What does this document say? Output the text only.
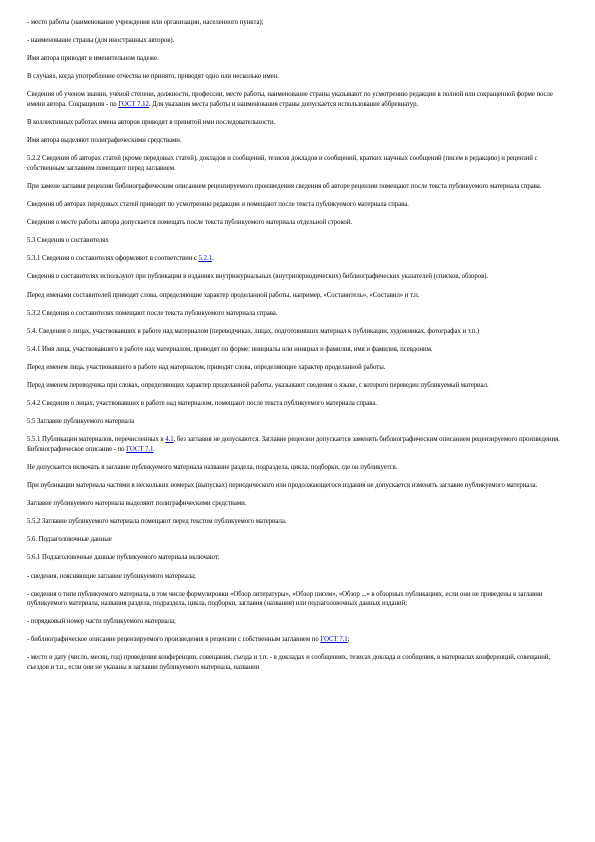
- место работы (наименование учреждения или организации, населенного пункта);

- наименование страны (для иностранных авторов).

Имя автора приводят в именительном падеже.

В случаях, когда употребление отчества не принято, приводят одно или несколько имен.

Сведения об ученом звании, ученой степени, должности, профессии, месте работы, наименование страны указывают по усмотрению редакции в полной или сокращенной форме после имени автора. Сокращения - по ГОСТ 7.12. Для указания места работы и наименования страны допускается использование аббревиатур.

В коллективных работах имена авторов приводят в принятой ими последовательности.

Имя автора выделяют полиграфическими средствами.

5.2.2 Сведения об авторах статей (кроме передовых статей), докладов и сообщений, тезисов докладов и сообщений, кратких научных сообщений (писем в редакцию) и рецензий с собственным заглавием помещают перед заглавием.

При замене заглавия рецензии библиографическим описанием рецензируемого произведения сведения об авторе рецензии помещают после текста публикуемого материала справа.

Сведения об авторах передовых статей приводят по усмотрению редакции и помещают после текста публикуемого материала справа.

Сведения о месте работы автора допускается помещать после текста публикуемого материала отдельной строкой.

5.3 Сведения о составителях

5.3.1 Сведения о составителях оформляют в соответствии с 5.2.1.

Сведения о составителях используют при публикации в изданиях внутрижурнальных (внутрипериодических) библиографических указателей (списков, обзоров).

Перед именами составителей приводят слова, определяющие характер проделанной работы, например, «Составитель», «Составил» и т.п.

5.3.2 Сведения о составителях помещают после текста публикуемого материала справа.

5.4. Сведения о лицах, участвовавших в работе над материалом (переводчиках, лицах, подготовивших материал к публикации, художниках, фотографах и т.п.)

5.4.1 Имя лица, участвовавшего в работе над материалом, приводят по форме: инициалы или инициал и фамилия, имя и фамилия, псевдоним.

Перед именем лица, участвовавшего в работе над материалом, приводят слова, определяющие характер проделанной работы.

Перед именем переводчика при словах, определяющих характер проделанной работы, указывают сведения о языке, с которого переведен публикуемый материал.

5.4.2 Сведения о лицах, участвовавших в работе над материалом, помещают после текста публикуемого материала справа.

5.5 Заглавие публикуемого материала

5.5.1 Публикации материалов, перечисленных в 4.1, без заглавия не допускаются. Заглавие рецензии допускается заменять библиографическим описанием рецензируемого произведения. Библиографическое описание - по ГОСТ 7.1.

Не допускается включать в заглавие публикуемого материала название раздела, подраздела, цикла, подборки, где он публикуется.

При публикации материала частями в нескольких номерах (выпусках) периодического или продолжающегося издания не допускается изменять заглавие публикуемого материала.

Заглавие публикуемого материала выделяют полиграфическими средствами.

5.5.2 Заглавие публикуемого материала помещают перед текстом публикуемого материала.

5.6. Подзаголовочные данные

5.6.1 Подзаголовочные данные публикуемого материала включают:

- сведения, поясняющие заглавие публикуемого материала;

- сведения о типе публикуемого материала, в том числе формулировки «Обзор литературы», «Обзор писем», «Обзор ...» в обзорных публикациях, если они не приведены в заглавии публикуемого материала, названия раздела, подраздела, цикла, подборки, заглавия (названия) или подзаголовочных данных изданий;

- порядковый номер части публикуемого материала;

- библиографическое описание рецензируемого произведения в рецензии с собственным заглавием по ГОСТ 7.1;

- место и дату (число, месяц, год) проведения конференции, совещания, съезда и т.п. - в докладах и сообщениях, тезисах доклада и сообщения, в материалах конференций, совещаний, съездов и т.п., если они не указаны в заглавии публикуемого материала, названии
